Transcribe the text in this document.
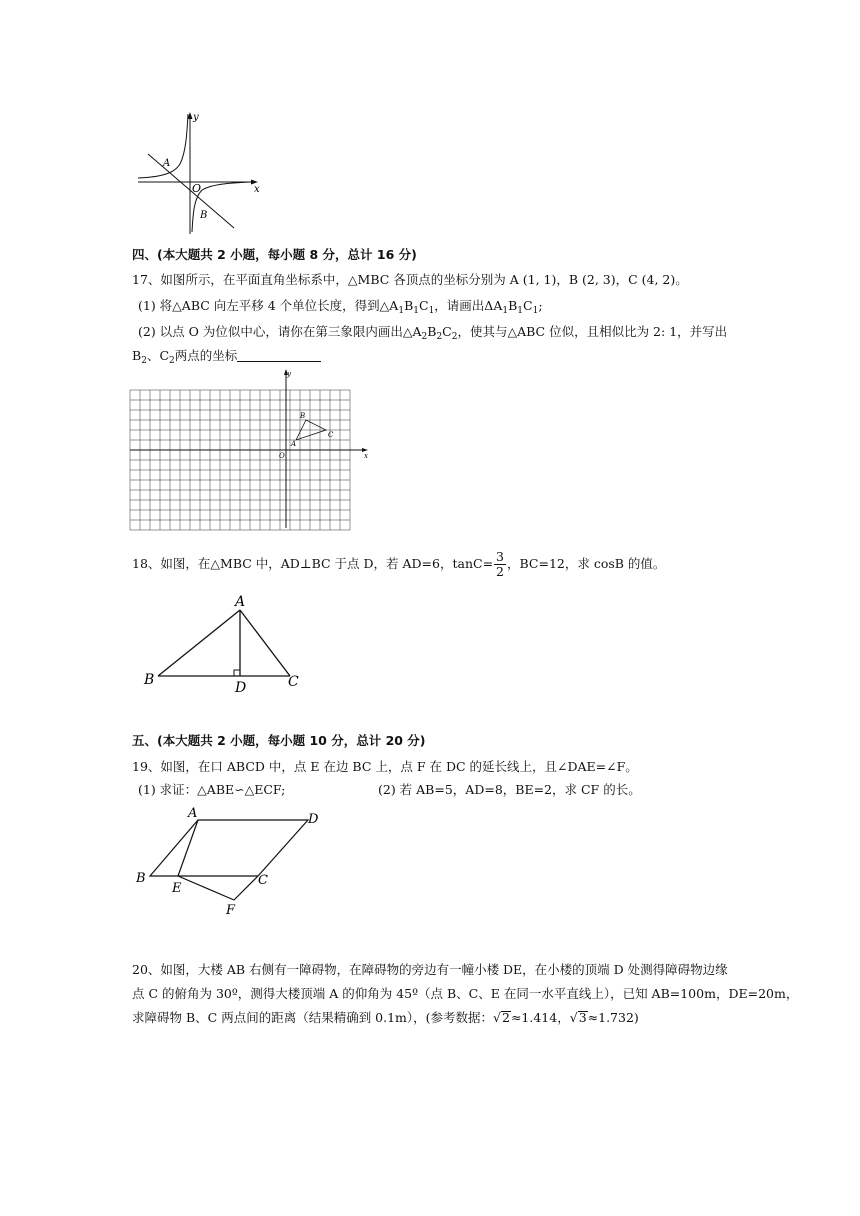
y
x
O
A
B
四、(本大题共 2 小题，每小题 8 分，总计 16 分)
17、如图所示，在平面直角坐标系中，△MBC 各顶点的坐标分别为 A (1, 1)，B (2, 3)，C (4, 2)。
(1) 将△ABC 向左平移 4 个单位长度，得到$\triangle A_1B_1C_1$，请画出$\Delta A_1B_1C_1$;
(2) 以点 O 为位似中心，请你在第三象限内画出$\triangle A_2B_2C_2$，使其与△ABC 位似，且相似比为 2: 1，并写出
$B_2$、$C_2$两点的坐标
y
x
O
A
B
C
18、如图，在△MBC 中，AD⊥BC 于点 D，若 AD=6，$\tan C= \frac{3}{2}$ ，BC=12，求 cosB 的值。
A
B	C
D
五、(本大题共 2 小题，每小题 10 分，总计 20 分)
19、如图，在口 ABCD 中，点 E 在边 BC 上，点 F 在 DC 的延长线上，且∠DAE=∠F。
(1) 求证：△ABE∽△ECF;	(2) 若 AB=5，AD=8，BE=2，求 CF 的长。
A	D
B
E
C
F
20、如图，大楼 AB 右侧有一障碍物，在障碍物的旁边有一幢小楼 DE，在小楼的顶端 D 处测得障碍物边缘
点 C 的俯角为 30º，测得大楼顶端 A 的仰角为 45º（点 B、C、E 在同一水平直线上），已知 AB=100m，DE=20m，
求障碍物 B、C 两点间的距离（结果精确到 0.1m），(参考数据：√2≈1.414，√3≈1.732)
